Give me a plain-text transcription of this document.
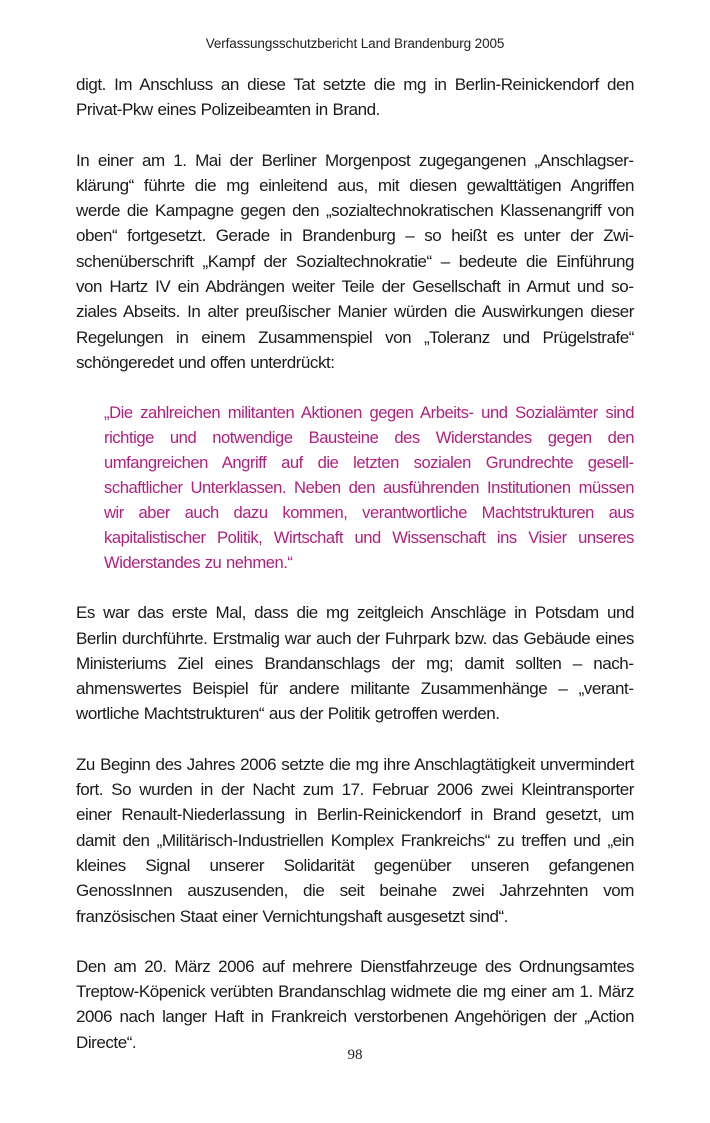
Verfassungsschutzbericht Land Brandenburg 2005

digt. Im Anschluss an diese Tat setzte die mg in Berlin-Reinickendorf den Privat-Pkw eines Polizeibeamten in Brand.

In einer am 1. Mai der Berliner Morgenpost zugegangenen „Anschlagserklärung“ führte die mg einleitend aus, mit diesen gewalttätigen Angriffen werde die Kampagne gegen den „sozialtechnokratischen Klassenangriff von oben“ fortgesetzt. Gerade in Brandenburg – so heißt es unter der Zwischenüberschrift „Kampf der Sozialtechnokratie“ – bedeute die Einführung von Hartz IV ein Abdrängen weiter Teile der Gesellschaft in Armut und soziales Abseits. In alter preußischer Manier würden die Auswirkungen dieser Regelungen in einem Zusammenspiel von „Toleranz und Prügelstrafe“ schöngeredet und offen unterdrückt:

„Die zahlreichen militanten Aktionen gegen Arbeits- und Sozialämter sind richtige und notwendige Bausteine des Widerstandes gegen den umfangreichen Angriff auf die letzten sozialen Grundrechte gesellschaftlicher Unterklassen. Neben den ausführenden Institutionen müssen wir aber auch dazu kommen, verantwortliche Machtstrukturen aus kapitalistischer Politik, Wirtschaft und Wissenschaft ins Visier unseres Widerstandes zu nehmen.“

Es war das erste Mal, dass die mg zeitgleich Anschläge in Potsdam und Berlin durchführte. Erstmalig war auch der Fuhrpark bzw. das Gebäude eines Ministeriums Ziel eines Brandanschlags der mg; damit sollten – nachahmenswertes Beispiel für andere militante Zusammenhänge – „verantwortliche Machtstrukturen“ aus der Politik getroffen werden.

Zu Beginn des Jahres 2006 setzte die mg ihre Anschlagtätigkeit unvermindert fort. So wurden in der Nacht zum 17. Februar 2006 zwei Kleintransporter einer Renault-Niederlassung in Berlin-Reinickendorf in Brand gesetzt, um damit den „Militärisch-Industriellen Komplex Frankreichs“ zu treffen und „ein kleines Signal unserer Solidarität gegenüber unseren gefangenen GenossInnen auszusenden, die seit beinahe zwei Jahrzehnten vom französischen Staat einer Vernichtungshaft ausgesetzt sind“.

Den am 20. März 2006 auf mehrere Dienstfahrzeuge des Ordnungsamtes Treptow-Köpenick verübten Brandanschlag widmete die mg einer am 1. März 2006 nach langer Haft in Frankreich verstorbenen Angehörigen der „Action Directe“.

98
